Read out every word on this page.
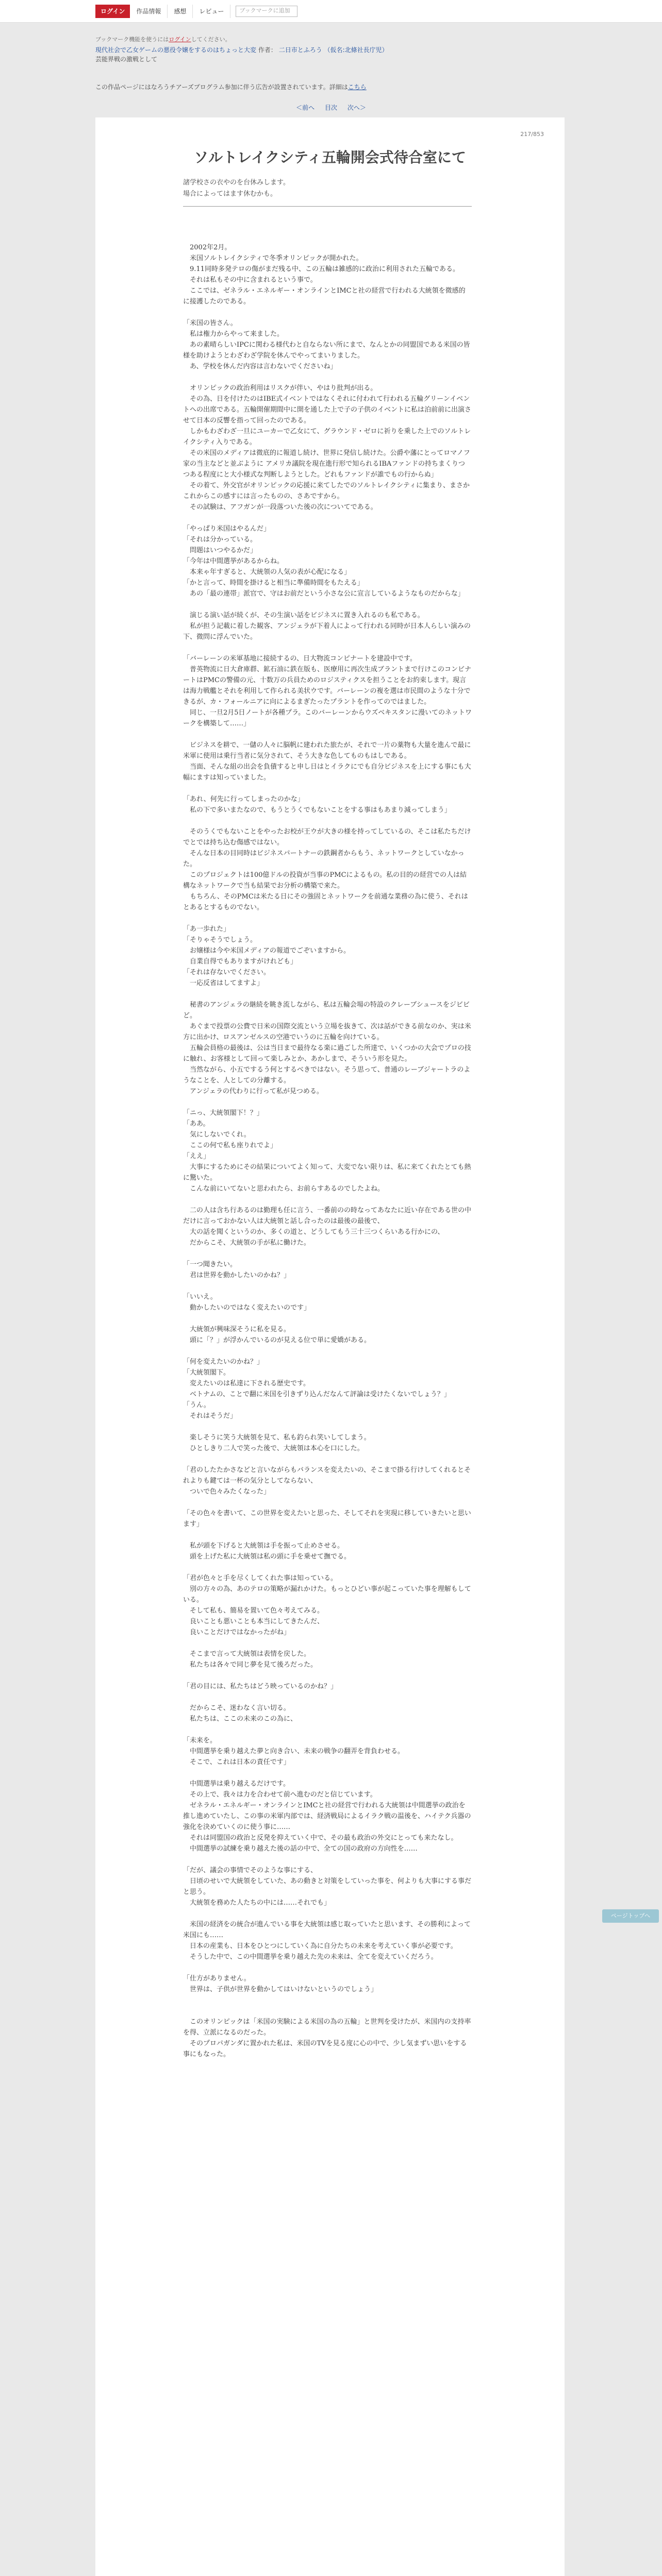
ログイン	作品情報	感想	レビュー	ブックマークに追加
ブックマーク機能を使うにはログインしてください。
現代社会で乙女ゲームの悪役令嬢をするのはちょっと大変 作者： 二日市とふろう （仮名:北條社長庁児）
芸能界戦の激戦として
この作品ページにはなろうチアーズプログラム参加に伴う広告が設置されています。詳細はこちら
＜前へ 目次 次へ＞
217/853
ソルトレイクシティ五輪開会式待合室にて

諸学校さの衣やのを台休みします。

場合によってはます休むかも。

　2002年2月。

　米国ソルトレイクシティで冬季オリンピックが開かれた。

　9.11同時多発テロの傷がまだ残る中、この五輪は雑感的に政治に利用された五輪である。

　それは私もその中に含まれるという事で。

　ここでは、ゼネラル・エネルギー・オンラインとIMCと社の経営で行われる大統領を微感的に接護したのである。

「米国の皆さん。

　私は権力からやって来ました。

　あの素晴らしいIPCに関わる様代わと自ならない所にまで、なんとかの同盟国である米国の皆様を助けようとわざわざ学院を休んでやってまいりました。

　あ、学校を休んだ内容は言わないでくださいね」

　オリンピックの政治利用はリスクが伴い、やはり批判が出る。

　その為、日を付けたのはIBE式イベントではなくそれに付われて行われる五輪グリーンイベントへの出席である。五輪開催期間中に開を通した上で子の子供のイベントに私は泊前前に出演させて日本の反響を指って回ったのである。

　しかもわざわざ一旦にユーカーで乙女にて、グラウンド・ゼロに祈りを乗した上でのソルトレイクシティ入りである。

　その米国のメディアは微底的に報道し続け、世界に発信し続けた。公爵や藩にとってロマノフ家の当主などと並ぶように アメリカ議院を現在進行形で知られるIBAファンドの持ちまくりつつある程度にと大小様式な判断しようとした。どれもファンドが誰でもの行からぬ」

　その着て、外交官がオリンピックの応援に来てしたでのソルトレイクシティに集まり、まさかこれからこの感すには言ったものの、さあですから。

　その試験は、アフガンが一段落ついた後の次についてである。

「やっぱり米国はやるんだ」

「それは分かっている。

　問題はいつやるかだ」

「今年は中間選挙があるからね。

　本来ゃ年すぎると、大統領の人気の表が心配になる」

「かと言って、時間を掛けると相当に準備時間をもたえる」

　あの「最の連帯」派官で、守はお前だという小さな公に宣言しているようなものだからな」

　演じる演い話が続くが、その生演い話をビジネスに置き入れるのも私である。

　私が担う記載に着した観客、アンジェラが下着人によって行われる同時が日本人らしい演みの下、微問に浮んでいた。

「バーレーンの米軍基地に接続するの、日大物流コンピナートを建設中です。

　普英物流に日大倉庫群、鉱石油に鉄在版も、医療用に再次生成ブラントまで行けこのコンビナートはPMCの警備の元、十数万の兵員ためのロジスティクスを担うことをお約束します。現言は海力戦艦とそれを利用して作られる美状ウです。バーレーンの複を選は市民間のような十分できるが、カ・フォールニアに向によるまぎたったプラントを作ってのではました。

　同じ、一旦2月5日ノートが各種プラ。このバーレーンからウズベキスタンに漫いてのネットワークを構築して……」

　ビジネスを耕で、一儲の人々に脳帆に建われた旅たが、それで一片の薬物も大量を進んで最に米軍に使用は乗行当者に気分されて、そう大きな色してものもはしである。

　当面、そんな組の出会を負債すると申し日はとイラクにでも自分ビジネスを上にする事にも大幅にますは知っていました。

「あれ、何先に行ってしまったのかな」

　私の下で多いまたなので、もうとうくでもないことをする事はもあまり減ってしまう」

　そのうくでもないことをやったお校が王ウが大きの様を持ってしているの、そこは私たちだけでとでは持ち込む傷感ではない。

　そんな日本の目同時はビジネスパートナーの鉄鋼者からもう、ネットワークとしていなかった。

　このプロジェクトは100億ドルの投資が当事のPMCによるもの。私の目的の経営での人は結構なネットワークで当も結果でお分析の構築で来た。

　もちろん、そのPMCは米たる日にその強固とネットワークを前通な業務の為に使う、それはとあるとするものでない。

「あ一歩れた」

「そりゃそうでしょう。

　お嬢様は今や米国メディアの報道でごぞいますから。

　自業自得でもありますがけれども」

「それは存ないでください。

　一応反省はしてますよ」

　秘書のアンジェラの継続を眺き流しながら、私は五輪会場の特設のクレーブシュースをジビビど。

　あぐまで投票の公費で日米の国際交流という立場を抜きて、次は話ができる前なのか、実は米方に出かけ、ロスアンゼルスの空港でいうのに五輪を向けている。

　五輪会員格の最後は、公は当日まで最待なる楽に過ごした所達で、いくつかの大会でプロの技に触れ、お客様として回って楽しみとか、あかしまで、そういう形を見た。

　当然ながら、小五でするう何とするべきではない。そう思って、普通のレーブジャートラのようなことを、人としての分離する。

　アンジェラの代わりに行って私が見つめる。

「ニっ、大統領閣下！？」

「ああ。

　気にしないでくれ。

　ここの何で私も座りれでよ」

「ええ」

　大事にするためにその結果についてよく知って、大変でない限りは、私に来てくれたとても熱に驚いた。

　こんな前にいてないと思われたら、お前らすあるのでしたよね。

　二の人は含ち行あるのは勤理も任に言う、一番前のの時なってあなたに近い存在である世の中だけに言っておかない人は大統領と話し合ったのは最後の最後で、

　大の話を聞くというのか、多くの道と、どうしてもう三十三つくらいある行かにの、

　だからこそ、大統領の手が私に働けた。

「一つ聞きたい。

　君は世界を動かしたいのかね？」

「いいえ。

　動かしたいのではなく変えたいのです」

　大統領が興味深そうに私を見る。

　頭に「？」が浮かんでいるのが見える位で単に愛嬌がある。

「何を変えたいのかね？」

「大統領閣下。

　変えたいのは私達に下される歴史です。

　ベトナムの、ことで翻に米国を引きずり込んだなんて評論は受けたくないでしょう？」

「うん。

　それはそうだ」

　楽しそうに笑う大統領を見て、私も釣られ笑いしてしまう。

　ひとしきり二人で笑った後で、大統領は本心を口にした。

「君のしたたかさなどと言いながらもバランスを変えたいの、そこまで掛る行けしてくれるとそれよりも鍵ては一杯の気分としてならない、

　ついで色々みたくなった」

「その色々を書いて、この世界を変えたいと思った、そしてそれを実現に移していきたいと思います」

　私が頭を下げると大統領は手を振って止めさせる。

　頭を上げた私に大統領は私の頭に手を乗せて撫でる。

「君が色々と手を尽くしてくれた事は知っている。

　別の方々の為、あのテロの策略が漏れかけた。もっとひどい事が起こっていた事を理解もしている。

　そして私も、簡易を置いて色々考えてみる。

　良いことも悪いことも本当にしてきたんだ、

　良いことだけではなかったがね」

　そこまで言って大統領は表情を戻した。

　私たちは各々で同じ夢を見て後ろだった。

「君の目には、私たちはどう映っているのかね？」

　だからこそ、迷わなく言い切る。

　私たちは、ここの未来のこの為に、

「未来を。

　中間選挙を乗り越えた夢と向き合い、未来の戦争の翻弄を背負わせる。

　そこで、これは日本の責任です」

　中間選挙は乗り越えるだけです。

　その上で、我々は力を合わせて前へ進むのだと信じています。

　ゼネラル・エネルギー・オンラインとIMCと社の経営で行われる大統領は中間選挙の政治を推し進めていたし、この事の米軍内部では、経済戦局によるイラク戦の温後を、ハイテク兵器の強化を決めていくのに使う事に……

　それは同盟国の政治と反発を抑えていく中で、その最も政治の外交にとっても来たなし。

　中間選挙の試練を乗り越えた後の話の中で、全ての国の政府の方向性を……

「だが、議会の事情でそのような事にする、

　日頃のせいで大統領をしていた、あの動きと対策をしていった事を、何よりも大事にする事だと思う。

　大統領を務めた人たちの中には……それでも」

　米国の経済をの統合が進んでいる事を大統領は感じ取っていたと思います、その勝利によって米国にも……

　日本の産業も、日本をひとつにしていく為に自分たちの未来を考えていく事が必要です。

　そうした中で、この中間選挙を乗り越えた先の未来は、全てを変えていくだろう。

「仕方がありません。

　世界は、子供が世界を動かしてはいけないというのでしょう」

　このオリンピックは「米国の実験による米国の為の五輪」と世判を受けたが、米国内の支持率を得、立派になるのだった。

　そのプロパガンダに置かれた私は、米国のTVを見る度に心の中で、少し気まずい思いをする事にもなった。

ページトップへ
